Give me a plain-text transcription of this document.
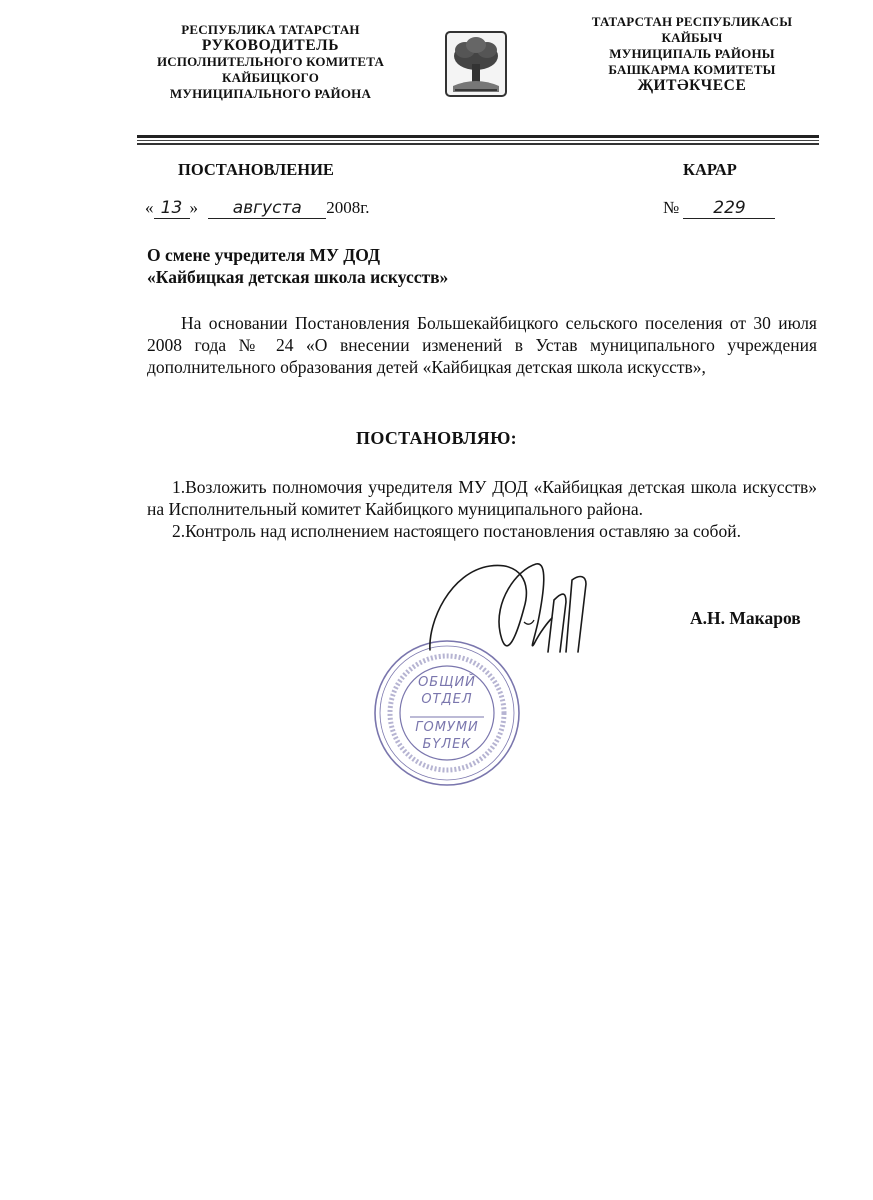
РЕСПУБЛИКА ТАТАРСТАН
РУКОВОДИТЕЛЬ
ИСПОЛНИТЕЛЬНОГО КОМИТЕТА
КАЙБИЦКОГО
МУНИЦИПАЛЬНОГО РАЙОНА
ТАТАРСТАН РЕСПУБЛИКАСЫ
КАЙБЫЧ
МУНИЦИПАЛЬ РАЙОНЫ
БАШКАРМА КОМИТЕТЫ
ҖИТӘКЧЕСЕ
ПОСТАНОВЛЕНИЕ	КАРАР
« 13 » августа 2008г.	№ 229
О смене учредителя МУ ДОД
«Кайбицкая детская школа искусств»
На основании Постановления Большекайбицкого сельского поселения от 30 июля 2008 года № 24 «О внесении изменений в Устав муниципального учреждения дополнительного образования детей «Кайбицкая детская школа искусств»,
ПОСТАНОВЛЯЮ:
1.Возложить полномочия учредителя МУ ДОД «Кайбицкая детская школа искусств» на Исполнительный комитет Кайбицкого муниципального района.
2.Контроль над исполнением настоящего постановления оставляю за собой.
ОБЩИЙ
ОТДЕЛ
ГОМУМИ
БҮЛЕК
А.Н. Макаров
